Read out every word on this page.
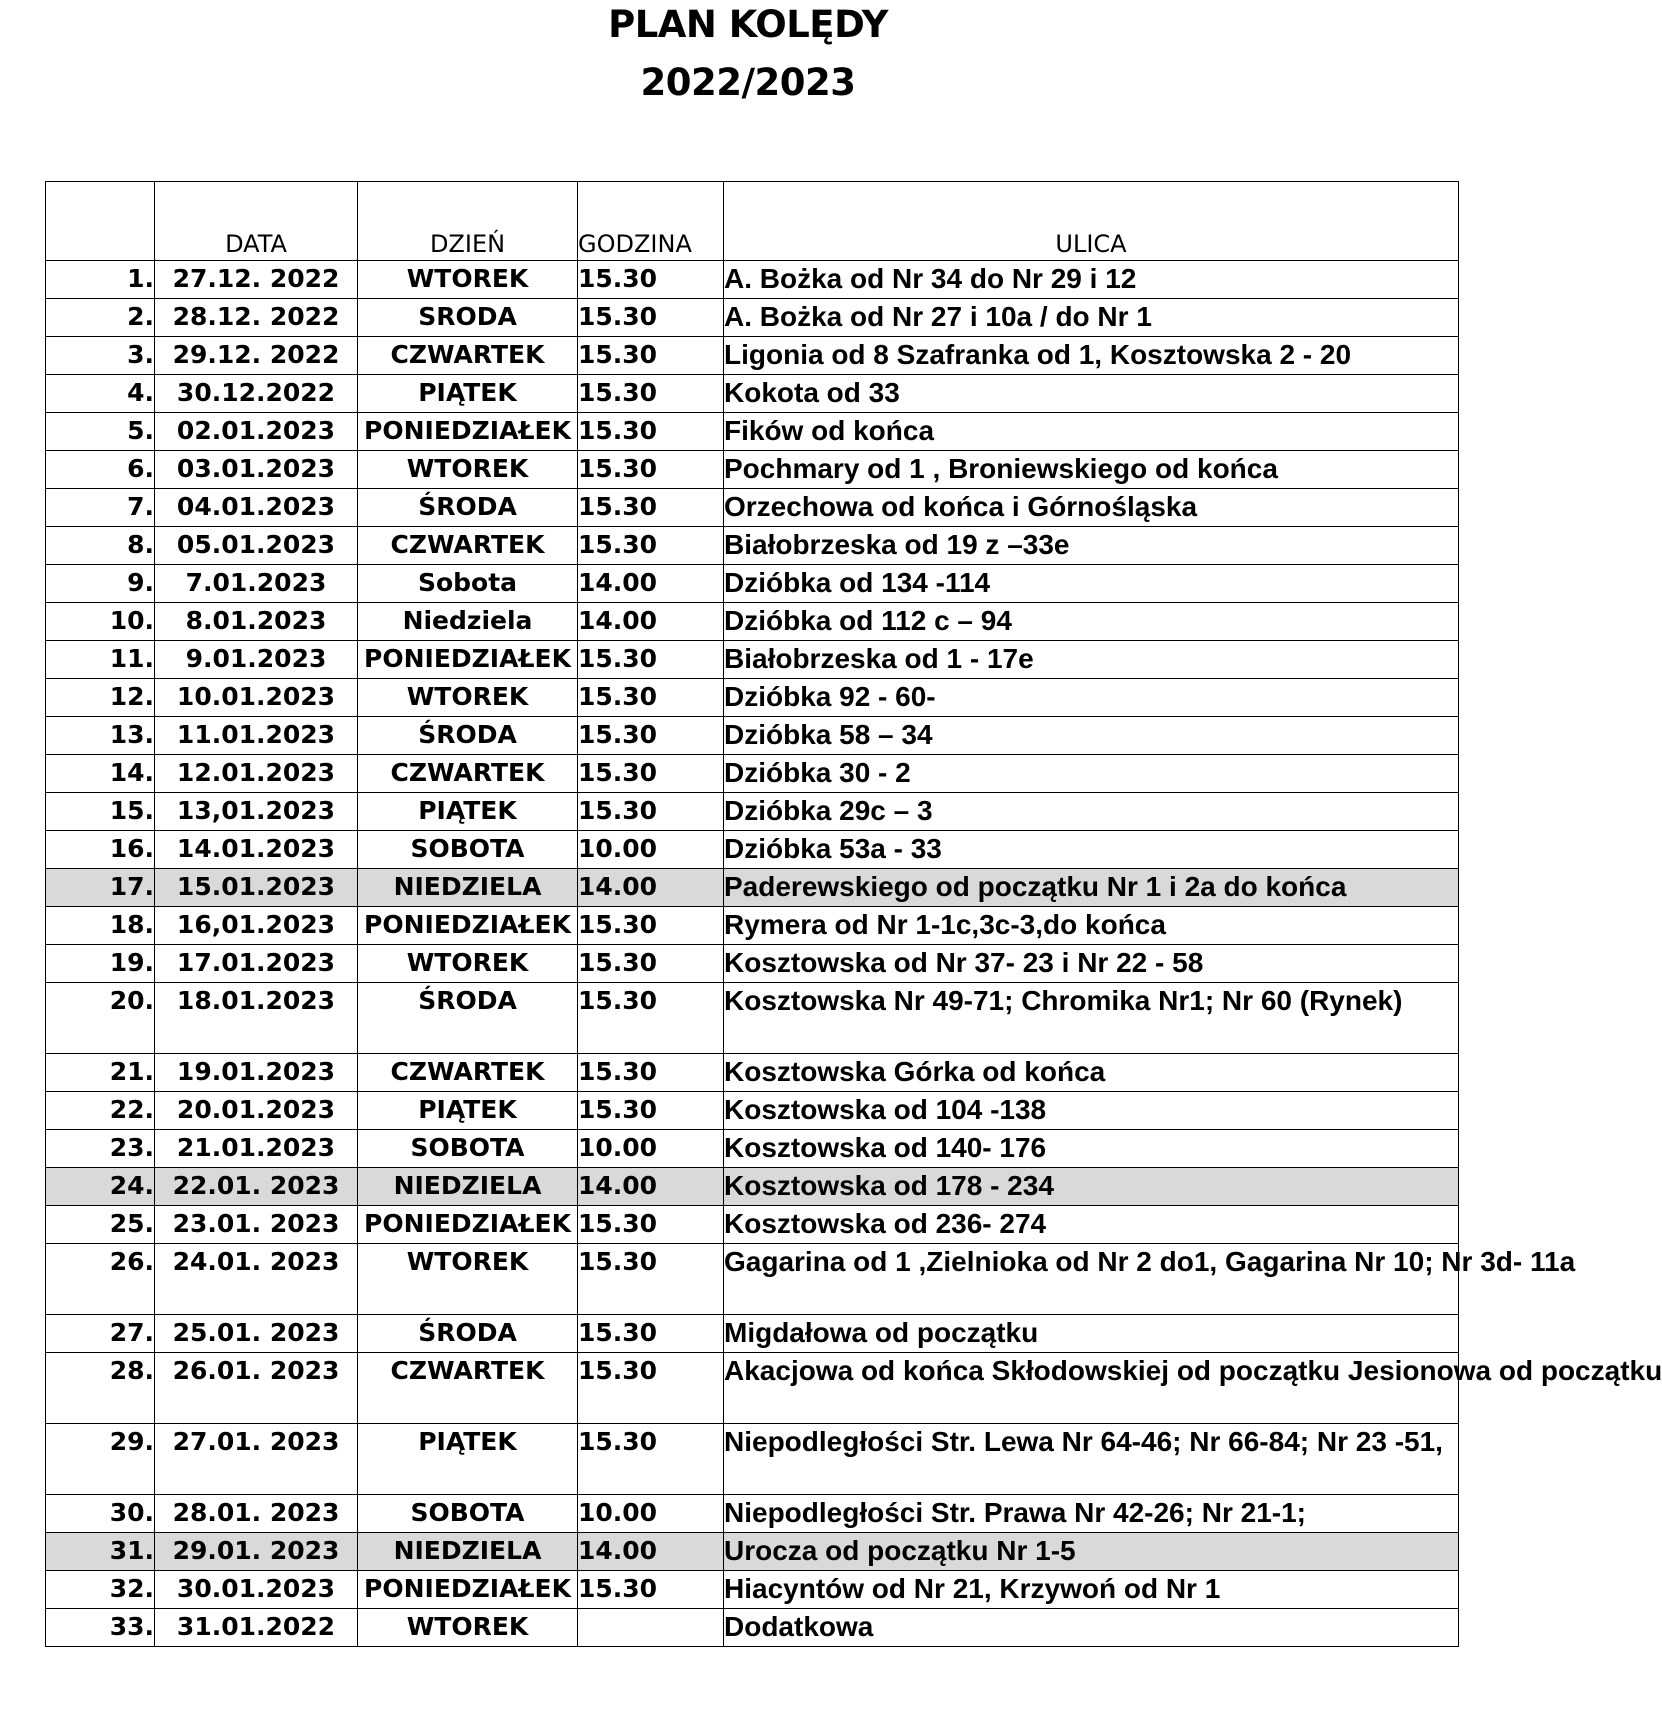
PLAN KOLĘDY
2022/2023
	DATA	DZIEŃ	GODZINA	ULICA
1.	27.12. 2022	WTOREK	15.30	A. Bożka od Nr 34 do Nr 29 i 12
2.	28.12. 2022	SRODA	15.30	A. Bożka od Nr 27 i 10a / do Nr 1
3.	29.12. 2022	CZWARTEK	15.30	Ligonia od 8 Szafranka od 1, Kosztowska 2 - 20
4.	30.12.2022	PIĄTEK	15.30	Kokota od 33
5.	02.01.2023	PONIEDZIAŁEK	15.30	Fików od końca
6.	03.01.2023	WTOREK	15.30	Pochmary od 1 , Broniewskiego od końca
7.	04.01.2023	ŚRODA	15.30	Orzechowa od końca i Górnośląska
8.	05.01.2023	CZWARTEK	15.30	Białobrzeska od 19 z –33e
9.	7.01.2023	Sobota	14.00	Dzióbka od 134 -114
10.	8.01.2023	Niedziela	14.00	Dzióbka od 112 c – 94
11.	9.01.2023	PONIEDZIAŁEK	15.30	Białobrzeska od 1 - 17e
12.	10.01.2023	WTOREK	15.30	Dzióbka 92 - 60-
13.	11.01.2023	ŚRODA	15.30	Dzióbka 58 – 34
14.	12.01.2023	CZWARTEK	15.30	Dzióbka 30 - 2
15.	13,01.2023	PIĄTEK	15.30	Dzióbka 29c – 3
16.	14.01.2023	SOBOTA	10.00	Dzióbka 53a - 33
17.	15.01.2023	NIEDZIELA	14.00	Paderewskiego od początku Nr 1 i 2a do końca
18.	16,01.2023	PONIEDZIAŁEK	15.30	Rymera od Nr 1-1c,3c-3,do końca
19.	17.01.2023	WTOREK	15.30	Kosztowska od Nr 37- 23 i Nr 22 - 58
20.	18.01.2023	ŚRODA	15.30	Kosztowska Nr 49-71; Chromika Nr1; Nr 60 (Rynek)
21.	19.01.2023	CZWARTEK	15.30	Kosztowska Górka od końca
22.	20.01.2023	PIĄTEK	15.30	Kosztowska od 104 -138
23.	21.01.2023	SOBOTA	10.00	Kosztowska od 140- 176
24.	22.01. 2023	NIEDZIELA	14.00	Kosztowska od 178 - 234
25.	23.01. 2023	PONIEDZIAŁEK	15.30	Kosztowska od 236- 274
26.	24.01. 2023	WTOREK	15.30	Gagarina od 1 ,Zielnioka od Nr 2 do1, Gagarina Nr 10; Nr 3d- 11a
27.	25.01. 2023	ŚRODA	15.30	Migdałowa od początku
28.	26.01. 2023	CZWARTEK	15.30	Akacjowa od końca Skłodowskiej od początku Jesionowa od początku
29.	27.01. 2023	PIĄTEK	15.30	Niepodległości Str. Lewa Nr 64-46; Nr 66-84; Nr 23 -51,
30.	28.01. 2023	SOBOTA	10.00	Niepodległości Str. Prawa Nr 42-26; Nr 21-1;
31.	29.01. 2023	NIEDZIELA	14.00	Urocza od początku Nr 1-5
32.	30.01.2023	PONIEDZIAŁEK	15.30	Hiacyntów od Nr 21, Krzywoń od Nr 1
33.	31.01.2022	WTOREK		Dodatkowa
